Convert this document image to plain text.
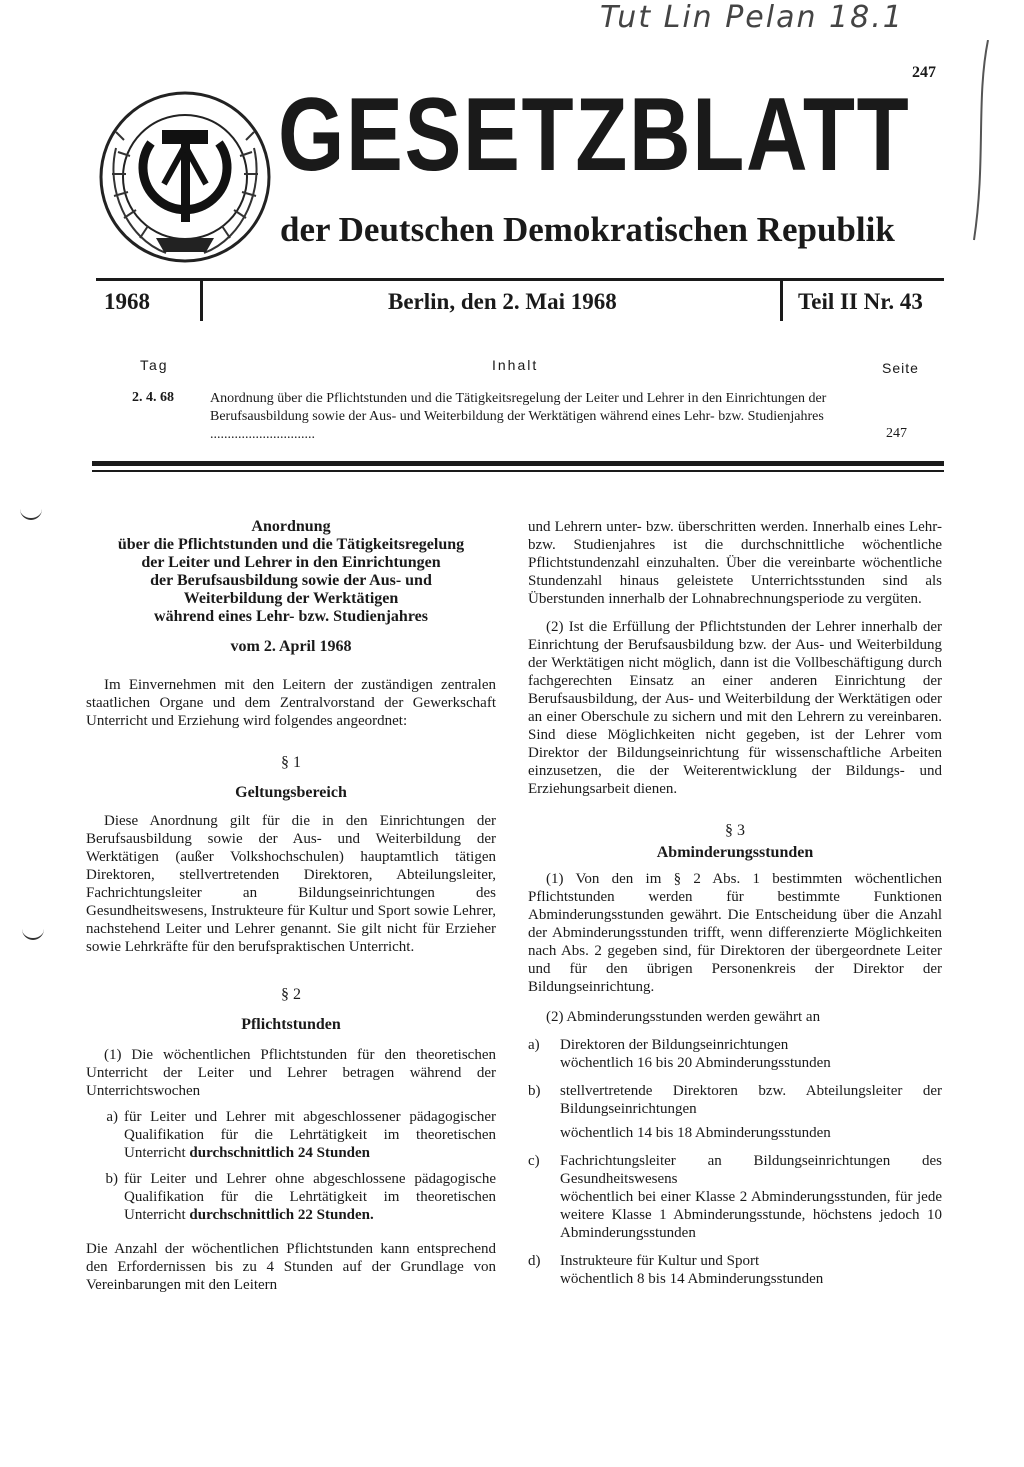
Tut Lin Pelan 18.1
247
GESETZBLATT
der Deutschen Demokratischen Republik
1968	Berlin, den 2. Mai 1968	Teil II Nr. 43
Tag	Inhalt	Seite
2. 4. 68	Anordnung über die Pflichtstunden und die Tätigkeitsregelung der Leiter und Lehrer in den Einrichtungen der Berufsausbildung sowie der Aus- und Weiterbildung der Werktätigen während eines Lehr- bzw. Studienjahres ..............................	247
Anordnung
über die Pflichtstunden und die Tätigkeitsregelung
der Leiter und Lehrer in den Einrichtungen
der Berufsausbildung sowie der Aus- und
Weiterbildung der Werktätigen
während eines Lehr- bzw. Studienjahres
vom 2. April 1968

Im Einvernehmen mit den Leitern der zuständigen zentralen staatlichen Organe und dem Zentralvorstand der Gewerkschaft Unterricht und Erziehung wird folgendes angeordnet:

§ 1
Geltungsbereich

Diese Anordnung gilt für die in den Einrichtungen der Berufsausbildung sowie der Aus- und Weiterbildung der Werktätigen (außer Volkshochschulen) hauptamtlich tätigen Direktoren, stellvertretenden Direktoren, Abteilungsleiter, Fachrichtungsleiter an Bildungseinrichtungen des Gesundheitswesens, Instrukteure für Kultur und Sport sowie Lehrer, nachstehend Leiter und Lehrer genannt. Sie gilt nicht für Erzieher sowie Lehrkräfte für den berufspraktischen Unterricht.

§ 2
Pflichtstunden

(1) Die wöchentlichen Pflichtstunden für den theoretischen Unterricht der Leiter und Lehrer betragen während der Unterrichtswochen

a) für Leiter und Lehrer mit abgeschlossener pädagogischer Qualifikation für die Lehrtätigkeit im theoretischen Unterricht durchschnittlich 24 Stunden
b) für Leiter und Lehrer ohne abgeschlossene pädagogische Qualifikation für die Lehrtätigkeit im theoretischen Unterricht durchschnittlich 22 Stunden.

Die Anzahl der wöchentlichen Pflichtstunden kann entsprechend den Erfordernissen bis zu 4 Stunden auf der Grundlage von Vereinbarungen mit den Leitern

und Lehrern unter- bzw. überschritten werden. Innerhalb eines Lehr- bzw. Studienjahres ist die durchschnittliche wöchentliche Pflichtstundenzahl einzuhalten. Über die vereinbarte wöchentliche Stundenzahl hinaus geleistete Unterrichtsstunden sind als Überstunden innerhalb der Lohnabrechnungsperiode zu vergüten.

(2) Ist die Erfüllung der Pflichtstunden der Lehrer innerhalb der Einrichtung der Berufsausbildung bzw. der Aus- und Weiterbildung der Werktätigen nicht möglich, dann ist die Vollbeschäftigung durch fachgerechten Einsatz an einer anderen Einrichtung der Berufsausbildung, der Aus- und Weiterbildung der Werktätigen oder an einer Oberschule zu sichern und mit den Lehrern zu vereinbaren. Sind diese Möglichkeiten nicht gegeben, ist der Lehrer vom Direktor der Bildungseinrichtung für wissenschaftliche Arbeiten einzusetzen, die der Weiterentwicklung der Bildungs- und Erziehungsarbeit dienen.

§ 3
Abminderungsstunden

(1) Von den im § 2 Abs. 1 bestimmten wöchentlichen Pflichtstunden werden für bestimmte Funktionen Abminderungsstunden gewährt. Die Entscheidung über die Anzahl der Abminderungsstunden trifft, wenn differenzierte Möglichkeiten nach Abs. 2 gegeben sind, für Direktoren der übergeordnete Leiter und für den übrigen Personenkreis der Direktor der Bildungseinrichtung.

(2) Abminderungsstunden werden gewährt an

a)	Direktoren der Bildungseinrichtungen
wöchentlich 16 bis 20 Abminderungsstunden
b)	stellvertretende Direktoren bzw. Abteilungsleiter der Bildungseinrichtungen
wöchentlich 14 bis 18 Abminderungsstunden
c)	Fachrichtungsleiter an Bildungseinrichtungen des Gesundheitswesens
wöchentlich bei einer Klasse 2 Abminderungsstunden, für jede weitere Klasse 1 Abminderungsstunde, höchstens jedoch 10 Abminderungsstunden
d)	Instrukteure für Kultur und Sport
wöchentlich 8 bis 14 Abminderungsstunden
